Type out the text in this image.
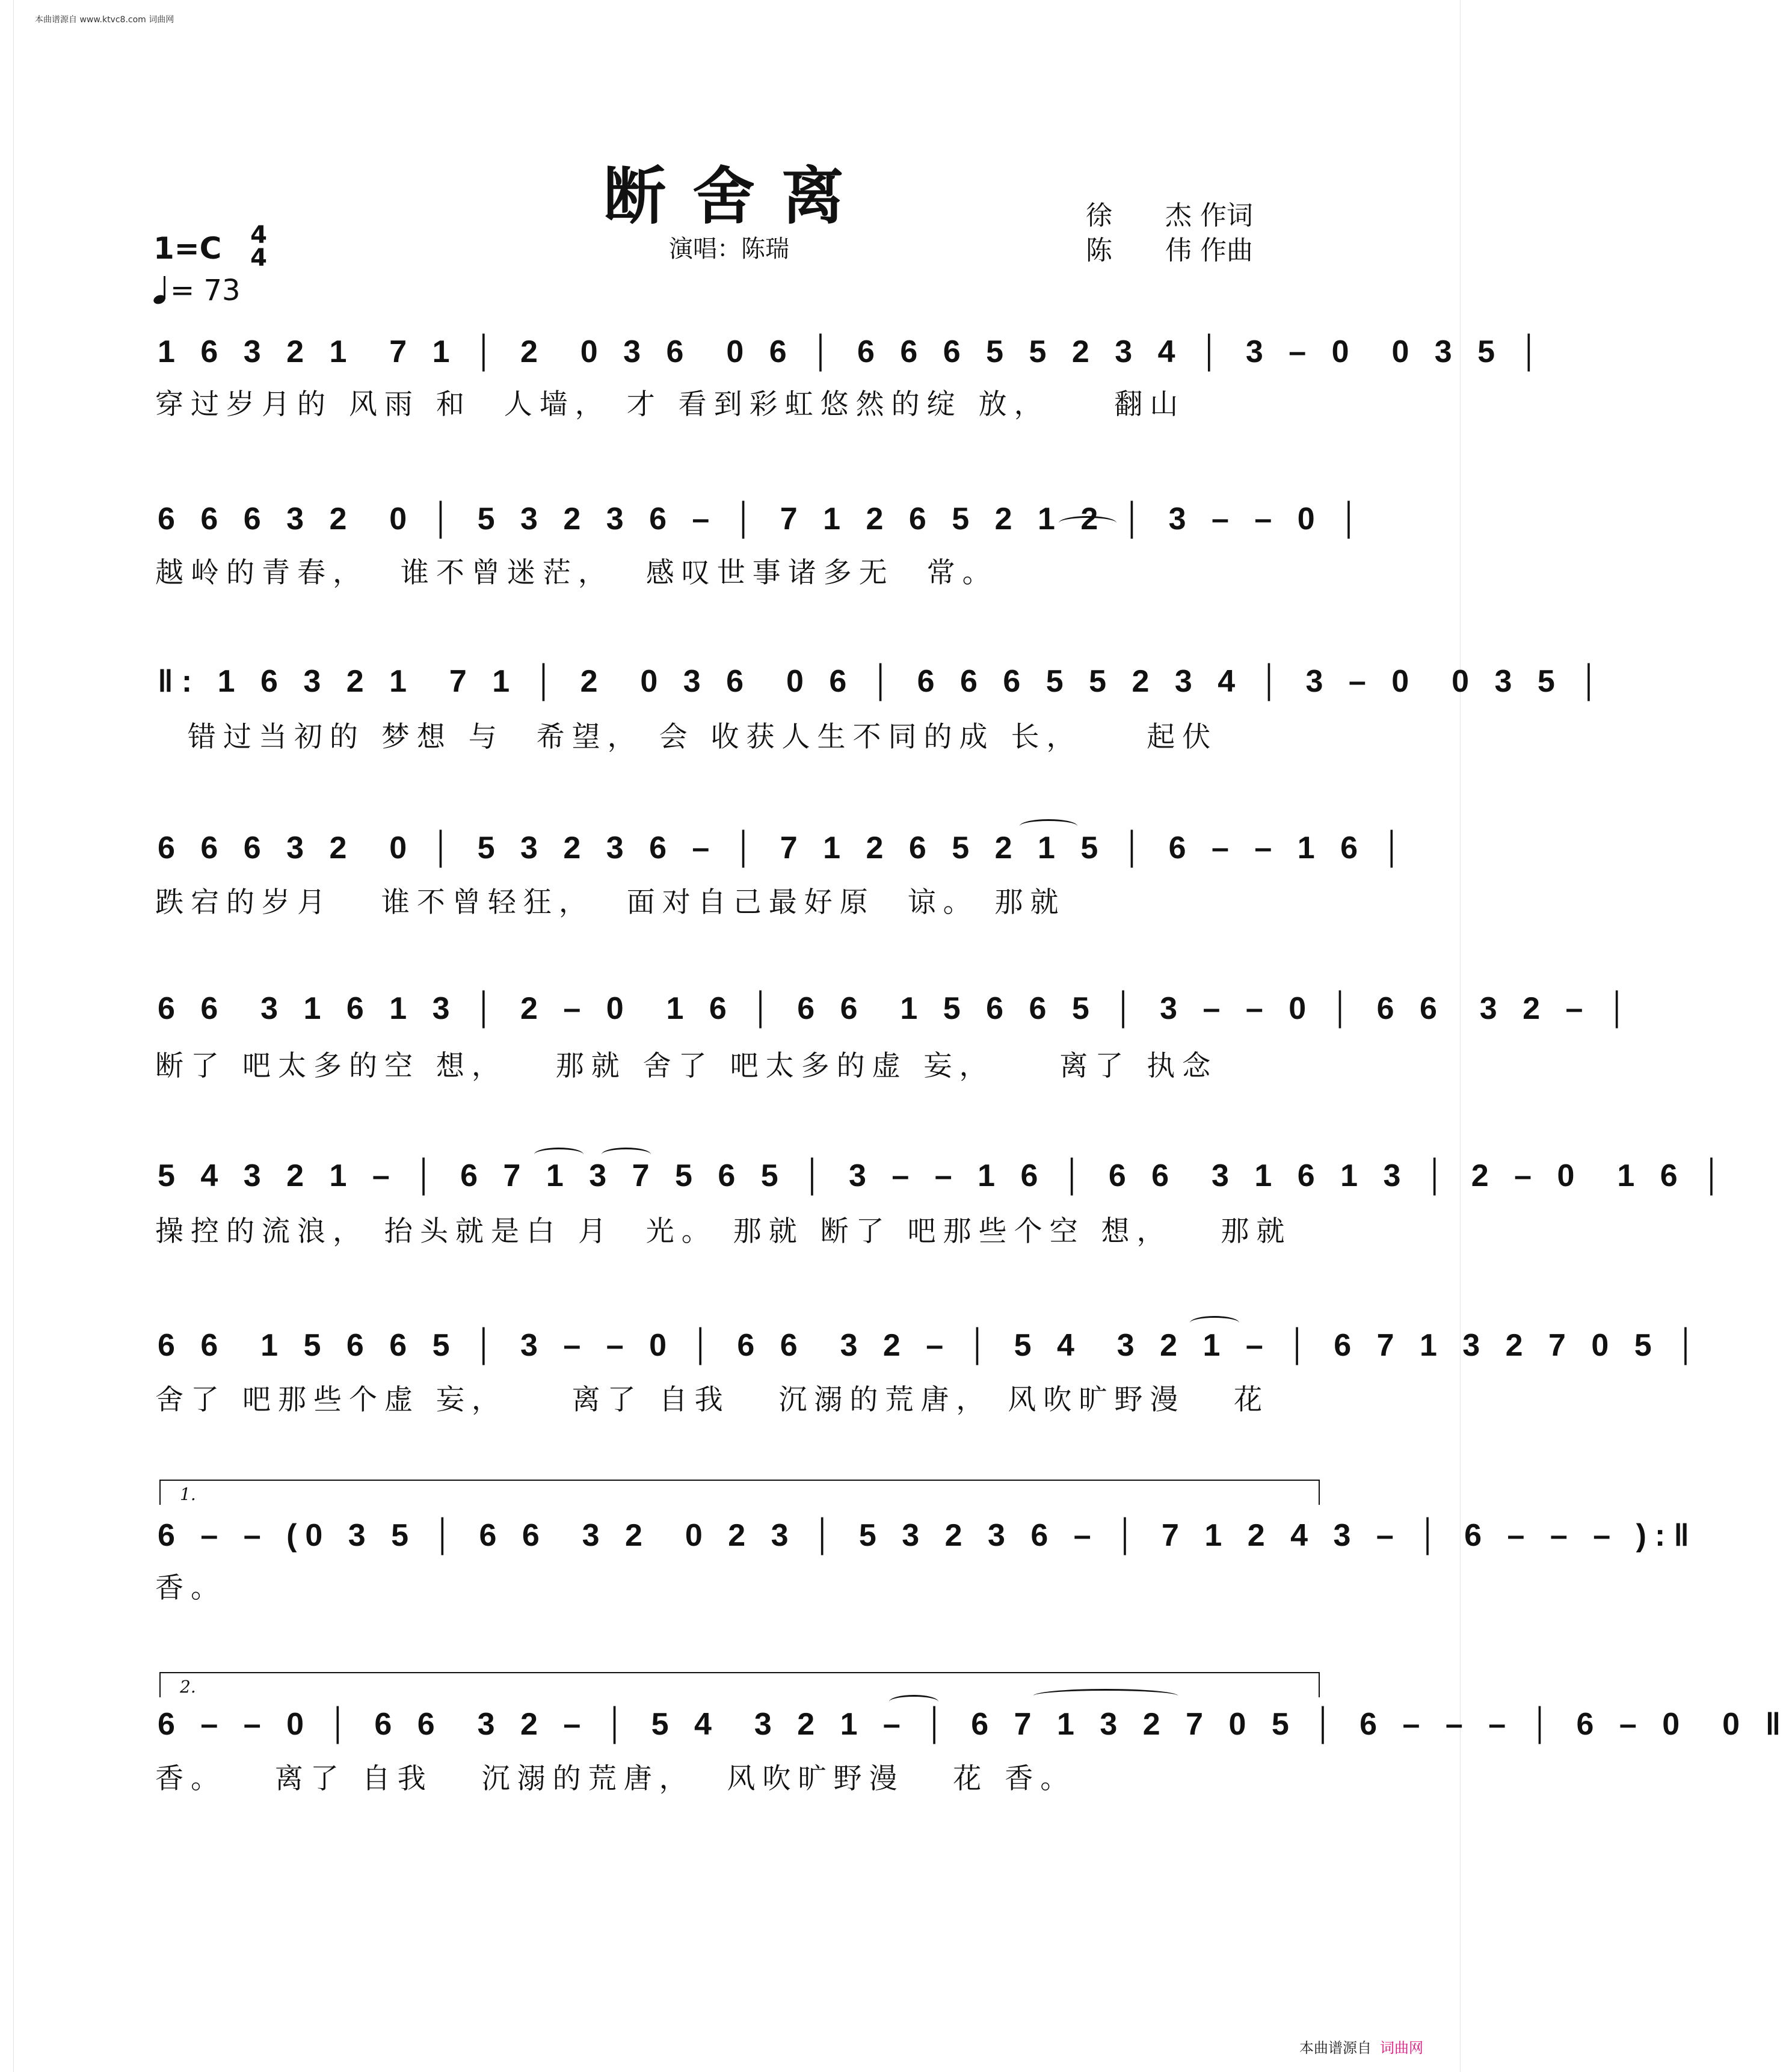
本曲谱源自 www.ktvc8.com 词曲网
断舍离	徐　　杰 作词
陈　　伟 作曲
演唱：陈瑞
1=C 4
4
= 73
1 6 3 2 1  7 1 │ 2  0 3 6  0 6 │ 6 6 6 5 5 2 3 4 │ 3 – 0  0 3 5 │
穿过岁月的 风雨 和  人墙， 才 看到彩虹悠然的绽 放，    翻山
6 6 6 3 2  0 │ 5 3 2 3 6 – │ 7 1 2 6 5 2 1 2 │ 3 – – 0 │
越岭的青春，  谁不曾迷茫，  感叹世事诸多无  常。
‖: 1 6 3 2 1  7 1 │ 2  0 3 6  0 6 │ 6 6 6 5 5 2 3 4 │ 3 – 0  0 3 5 │
错过当初的 梦想 与  希望， 会 收获人生不同的成 长，    起伏
6 6 6 3 2  0 │ 5 3 2 3 6 – │ 7 1 2 6 5 2 1 5 │ 6 – – 1 6 │
跌宕的岁月   谁不曾轻狂，  面对自己最好原  谅。 那就
6 6  3 1 6 1 3 │ 2 – 0  1 6 │ 6 6  1 5 6 6 5 │ 3 – – 0 │ 6 6  3 2 – │
断了 吧太多的空 想，   那就 舍了 吧太多的虚 妄，    离了 执念
5 4 3 2 1 – │ 6 7 1 3 7 5 6 5 │ 3 – – 1 6 │ 6 6  3 1 6 1 3 │ 2 – 0  1 6 │
操控的流浪， 抬头就是白 月  光。 那就 断了 吧那些个空 想，   那就
6 6  1 5 6 6 5 │ 3 – – 0 │ 6 6  3 2 – │ 5 4  3 2 1 – │ 6 7 1 3 2 7 0 5 │
舍了 吧那些个虚 妄，    离了 自我   沉溺的荒唐， 风吹旷野漫   花
1.
6 – – (0 3 5 │ 6 6  3 2  0 2 3 │ 5 3 2 3 6 – │ 7 1 2 4 3 – │ 6 – – – ):‖
香。
2.
6 – – 0 │ 6 6  3 2 – │ 5 4  3 2 1 – │ 6 7 1 3 2 7 0 5 │ 6 – – – │ 6 – 0  0 ‖
香。   离了 自我   沉溺的荒唐，  风吹旷野漫   花 香。
本曲谱源自 词曲网
